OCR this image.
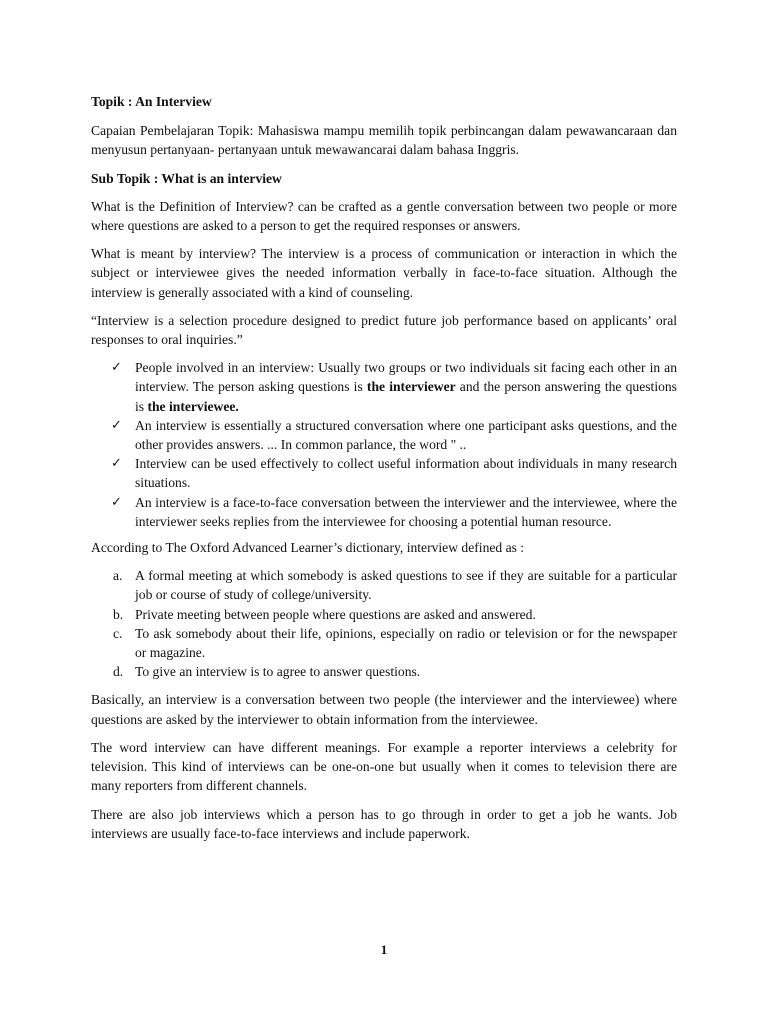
Topik : An Interview

Capaian Pembelajaran Topik: Mahasiswa mampu memilih topik perbincangan dalam pewawancaraan dan menyusun pertanyaan- pertanyaan untuk mewawancarai dalam bahasa Inggris.

Sub Topik : What is an interview

What is the Definition of Interview? can be crafted as a gentle conversation between two people or more where questions are asked to a person to get the required responses or answers.

What is meant by interview? The interview is a process of communication or interaction in which the subject or interviewee gives the needed information verbally in face-to-face situation. Although the interview is generally associated with a kind of counseling.

“Interview is a selection procedure designed to predict future job performance based on applicants’ oral responses to oral inquiries.”

✓ People involved in an interview: Usually two groups or two individuals sit facing each other in an interview. The person asking questions is the interviewer and the person answering the questions is the interviewee.
✓ An interview is essentially a structured conversation where one participant asks questions, and the other provides answers. ... In common parlance, the word " ..
✓ Interview can be used effectively to collect useful information about individuals in many research situations.
✓ An interview is a face-to-face conversation between the interviewer and the interviewee, where the interviewer seeks replies from the interviewee for choosing a potential human resource.

According to The Oxford Advanced Learner’s dictionary, interview defined as :

a. A formal meeting at which somebody is asked questions to see if they are suitable for a particular job or course of study of college/university.
b. Private meeting between people where questions are asked and answered.
c. To ask somebody about their life, opinions, especially on radio or television or for the newspaper or magazine.
d. To give an interview is to agree to answer questions.

Basically, an interview is a conversation between two people (the interviewer and the interviewee) where questions are asked by the interviewer to obtain information from the interviewee.

The word interview can have different meanings. For example a reporter interviews a celebrity for television. This kind of interviews can be one-on-one but usually when it comes to television there are many reporters from different channels.

There are also job interviews which a person has to go through in order to get a job he wants. Job interviews are usually face-to-face interviews and include paperwork.

1
